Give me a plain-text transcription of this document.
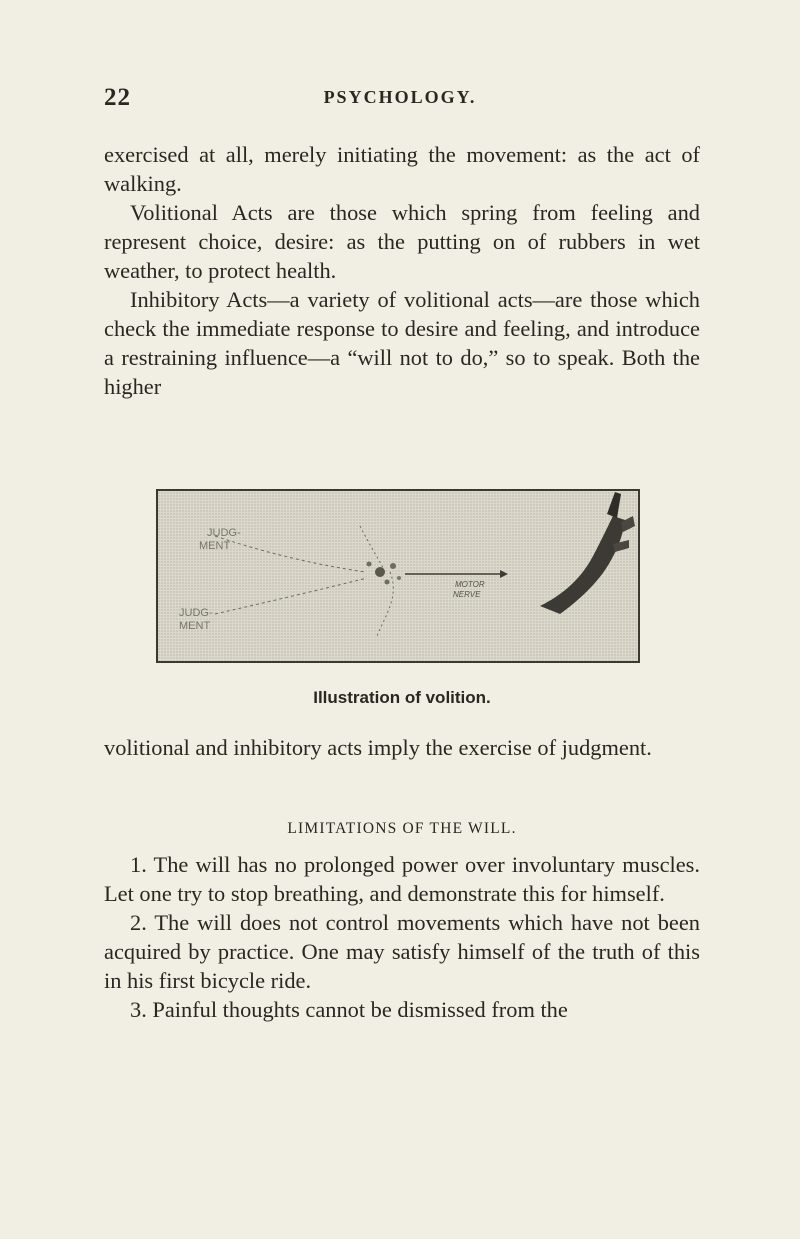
22	PSYCHOLOGY.

exercised at all, merely initiating the movement: as the act of walking.

Volitional Acts are those which spring from feeling and represent choice, desire: as the putting on of rubbers in wet weather, to protect health.

Inhibitory Acts—a variety of volitional acts—are those which check the immediate response to desire and feeling, and introduce a restraining influence—a “will not to do,” so to speak. Both the higher

JUDG-
MENT
JUDG-
MENT
MOTOR
NERVE
Illustration of volition.

volitional and inhibitory acts imply the exercise of judgment.

LIMITATIONS OF THE WILL.

1. The will has no prolonged power over involuntary muscles. Let one try to stop breathing, and demonstrate this for himself.

2. The will does not control movements which have not been acquired by practice. One may satisfy himself of the truth of this in his first bicycle ride.

3. Painful thoughts cannot be dismissed from the
